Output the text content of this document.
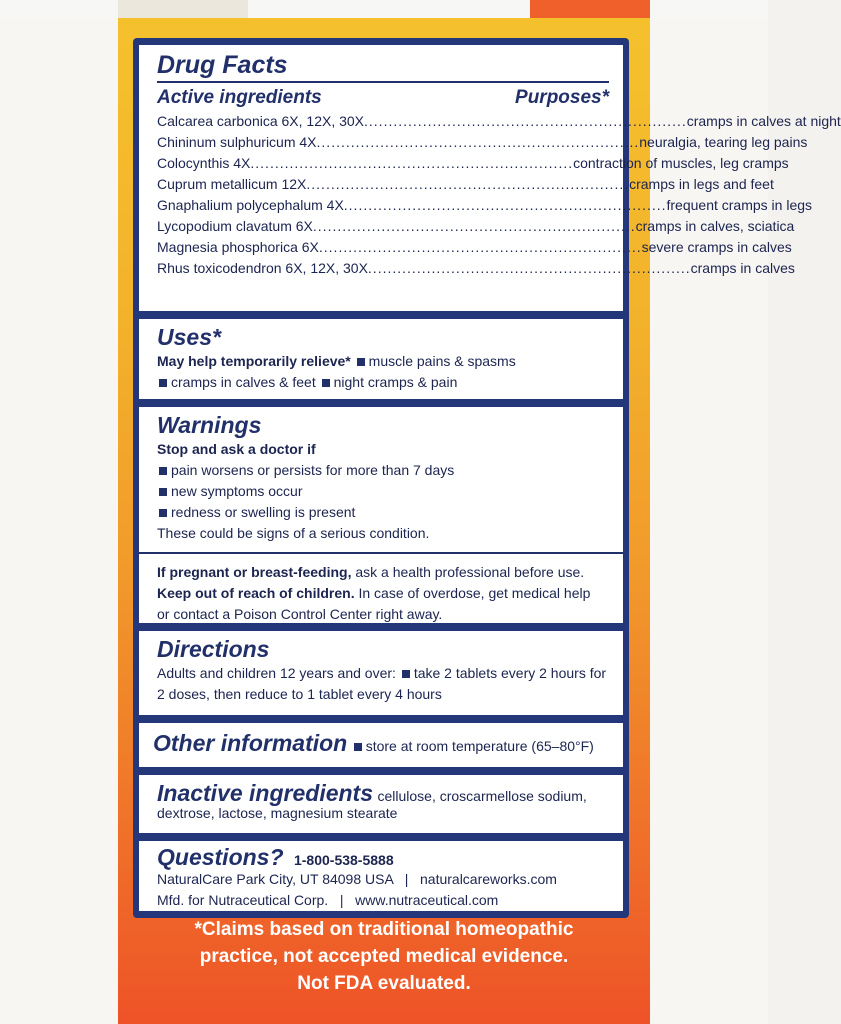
Drug Facts
Active ingredients	Purposes*
Calcarea carbonica 6X, 12X, 30X .................................................................. cramps in calves at night
Chininum sulphuricum 4X .................................................................. neuralgia, tearing leg pains
Colocynthis 4X .................................................................. contraction of muscles, leg cramps
Cuprum metallicum 12X .................................................................. cramps in legs and feet
Gnaphalium polycephalum 4X .................................................................. frequent cramps in legs
Lycopodium clavatum 6X .................................................................. cramps in calves, sciatica
Magnesia phosphorica 6X .................................................................. severe cramps in calves
Rhus toxicodendron 6X, 12X, 30X .................................................................. cramps in calves
Uses*
May help temporarily relieve* muscle pains & spasms
cramps in calves & feet night cramps & pain
Warnings
Stop and ask a doctor if
pain worsens or persists for more than 7 days
new symptoms occur
redness or swelling is present
These could be signs of a serious condition.
If pregnant or breast-feeding, ask a health professional before use.
Keep out of reach of children. In case of overdose, get medical help
or contact a Poison Control Center right away.
Directions
Adults and children 12 years and over: take 2 tablets every 2 hours for
2 doses, then reduce to 1 tablet every 4 hours
Other information store at room temperature (65–80°F)
Inactive ingredients cellulose, croscarmellose sodium,
dextrose, lactose, magnesium stearate
Questions? 1-800-538-5888
NaturalCare Park City, UT 84098 USA   |   naturalcareworks.com
Mfd. for Nutraceutical Corp.   |   www.nutraceutical.com
*Claims based on traditional homeopathic
practice, not accepted medical evidence.
Not FDA evaluated.
